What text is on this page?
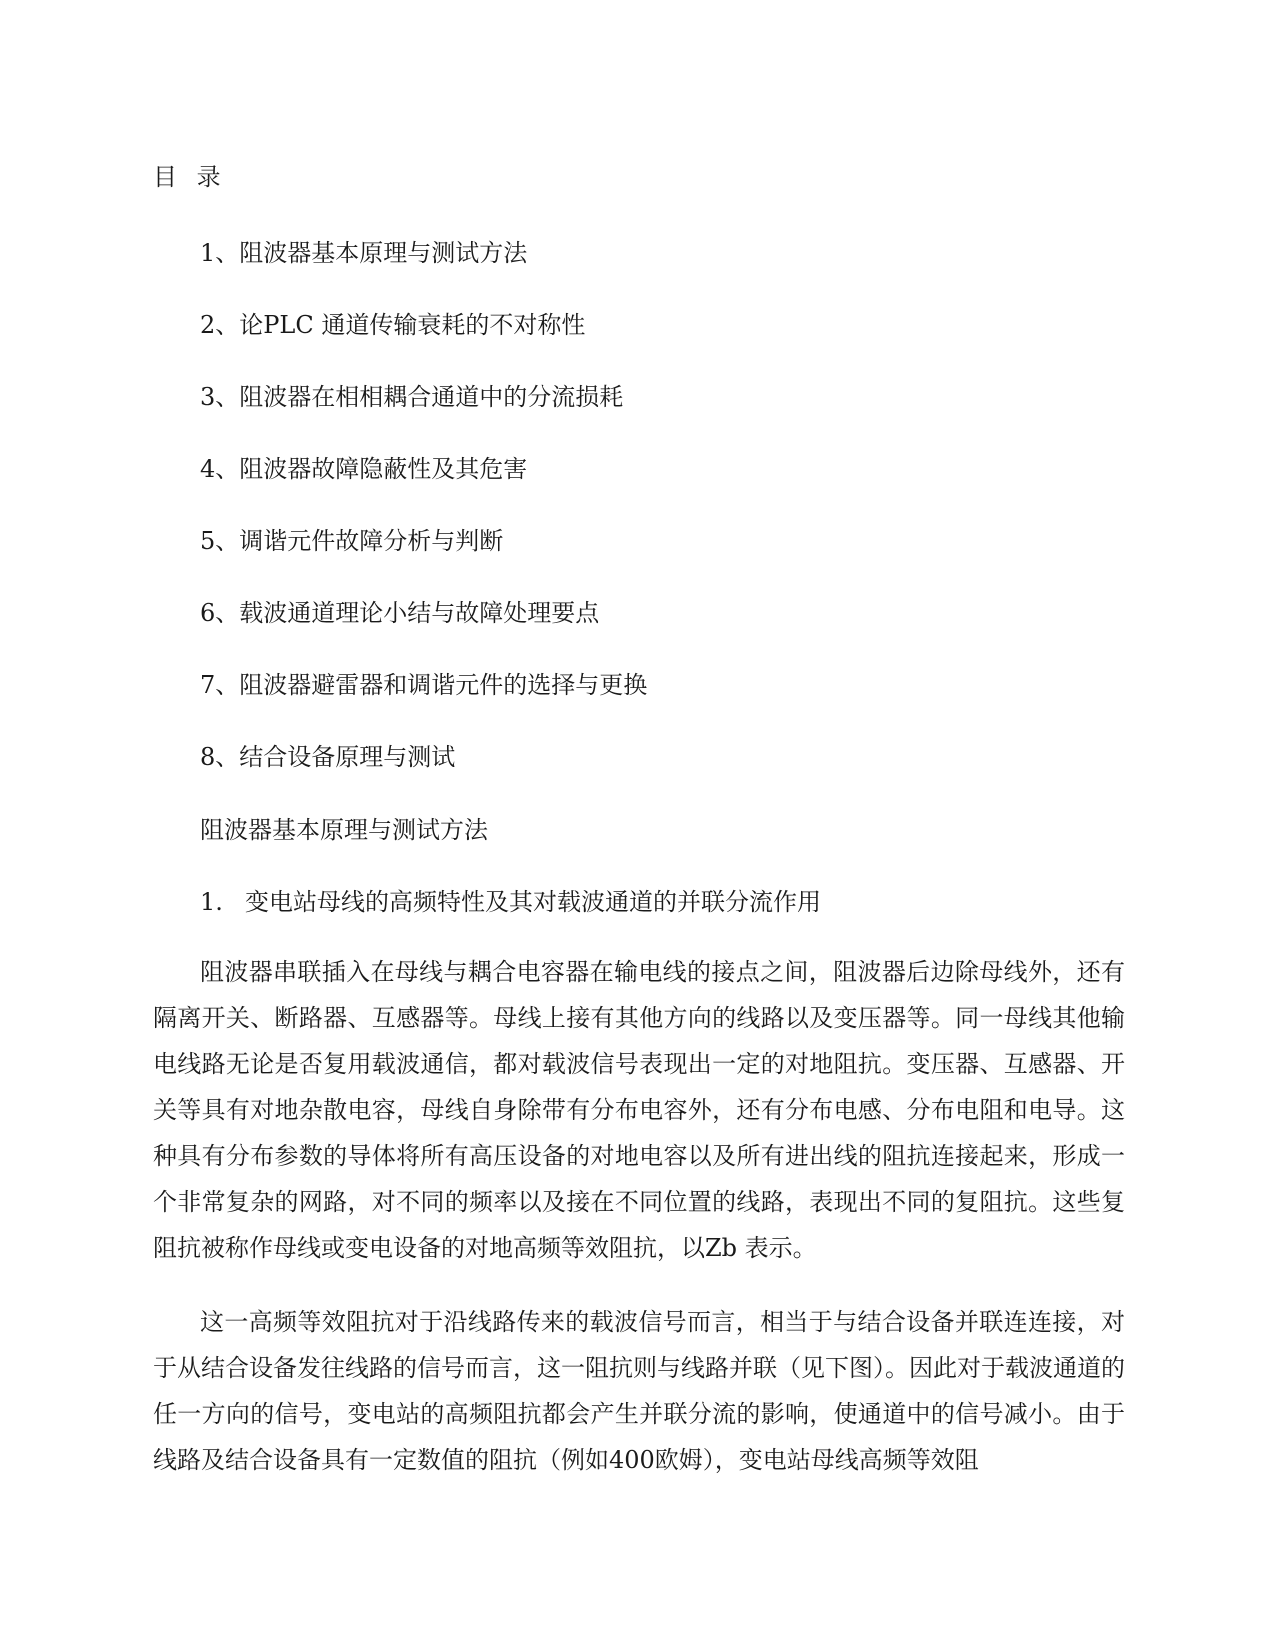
目 录
1、阻波器基本原理与测试方法
2、论PLC 通道传输衰耗的不对称性
3、阻波器在相相耦合通道中的分流损耗
4、阻波器故障隐蔽性及其危害
5、调谐元件故障分析与判断
6、载波通道理论小结与故障处理要点
7、阻波器避雷器和调谐元件的选择与更换
8、结合设备原理与测试
阻波器基本原理与测试方法
1. 变电站母线的高频特性及其对载波通道的并联分流作用

阻波器串联插入在母线与耦合电容器在输电线的接点之间，阻波器后边除母线外，还有隔离开关、断路器、互感器等。母线上接有其他方向的线路以及变压器等。同一母线其他输电线路无论是否复用载波通信，都对载波信号表现出一定的对地阻抗。变压器、互感器、开关等具有对地杂散电容，母线自身除带有分布电容外，还有分布电感、分布电阻和电导。这种具有分布参数的导体将所有高压设备的对地电容以及所有进出线的阻抗连接起来，形成一个非常复杂的网路，对不同的频率以及接在不同位置的线路，表现出不同的复阻抗。这些复阻抗被称作母线或变电设备的对地高频等效阻抗，以Zb 表示。

这一高频等效阻抗对于沿线路传来的载波信号而言，相当于与结合设备并联连连接，对于从结合设备发往线路的信号而言，这一阻抗则与线路并联（见下图）。因此对于载波通道的任一方向的信号，变电站的高频阻抗都会产生并联分流的影响，使通道中的信号减小。由于线路及结合设备具有一定数值的阻抗（例如400欧姆），变电站母线高频等效阻
